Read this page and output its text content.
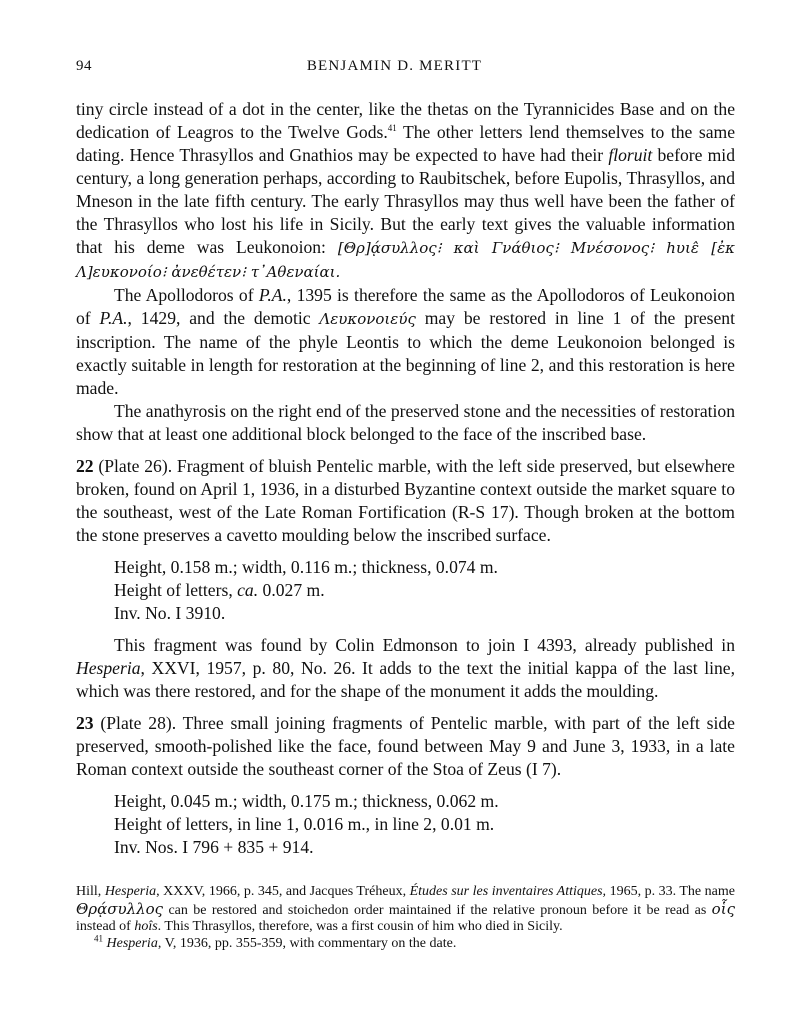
94	BENJAMIN D. MERITT

tiny circle instead of a dot in the center, like the thetas on the Tyrannicides Base and on the dedication of Leagros to the Twelve Gods.$^{41}$ The other letters lend themselves to the same dating. Hence Thrasyllos and Gnathios may be expected to have had their floruit before mid century, a long generation perhaps, according to Raubitschek, before Eupolis, Thrasyllos, and Mneson in the late fifth century. The early Thrasyllos may thus well have been the father of the Thrasyllos who lost his life in Sicily. But the early text gives the valuable information that his deme was Leukonoion: [Θρ]ᾴσυλλος⁝ καὶ Γνάθιος⁝ Μνέσονος⁝ hυιε̂ [ἐκ Λ]ευκονοίο⁝ ἀνεθέτεν⁝ τ᾽Αθεναίαι.

The Apollodoros of P.A., 1395 is therefore the same as the Apollodoros of Leukonoion of P.A., 1429, and the demotic Λευκονοιεύς may be restored in line 1 of the present inscription. The name of the phyle Leontis to which the deme Leukonoion belonged is exactly suitable in length for restoration at the beginning of line 2, and this restoration is here made.

The anathyrosis on the right end of the preserved stone and the necessities of restoration show that at least one additional block belonged to the face of the inscribed base.

22 (Plate 26). Fragment of bluish Pentelic marble, with the left side preserved, but elsewhere broken, found on April 1, 1936, in a disturbed Byzantine context outside the market square to the southeast, west of the Late Roman Fortification (R-S 17). Though broken at the bottom the stone preserves a cavetto moulding below the inscribed surface.

Height, 0.158 m.; width, 0.116 m.; thickness, 0.074 m.
Height of letters, ca. 0.027 m.
Inv. No. I 3910.

This fragment was found by Colin Edmonson to join I 4393, already published in Hesperia, XXVI, 1957, p. 80, No. 26. It adds to the text the initial kappa of the last line, which was there restored, and for the shape of the monument it adds the moulding.

23 (Plate 28). Three small joining fragments of Pentelic marble, with part of the left side preserved, smooth-polished like the face, found between May 9 and June 3, 1933, in a late Roman context outside the southeast corner of the Stoa of Zeus (I 7).

Height, 0.045 m.; width, 0.175 m.; thickness, 0.062 m.
Height of letters, in line 1, 0.016 m., in line 2, 0.01 m.
Inv. Nos. I 796 + 835 + 914.

Hill, Hesperia, XXXV, 1966, p. 345, and Jacques Tréheux, Études sur les inventaires Attiques, 1965, p. 33. The name Θρᾴσυλλος can be restored and stoichedon order maintained if the relative pronoun before it be read as οἷς instead of hoîs. This Thrasyllos, therefore, was a first cousin of him who died in Sicily.

$^{41}$ Hesperia, V, 1936, pp. 355-359, with commentary on the date.
